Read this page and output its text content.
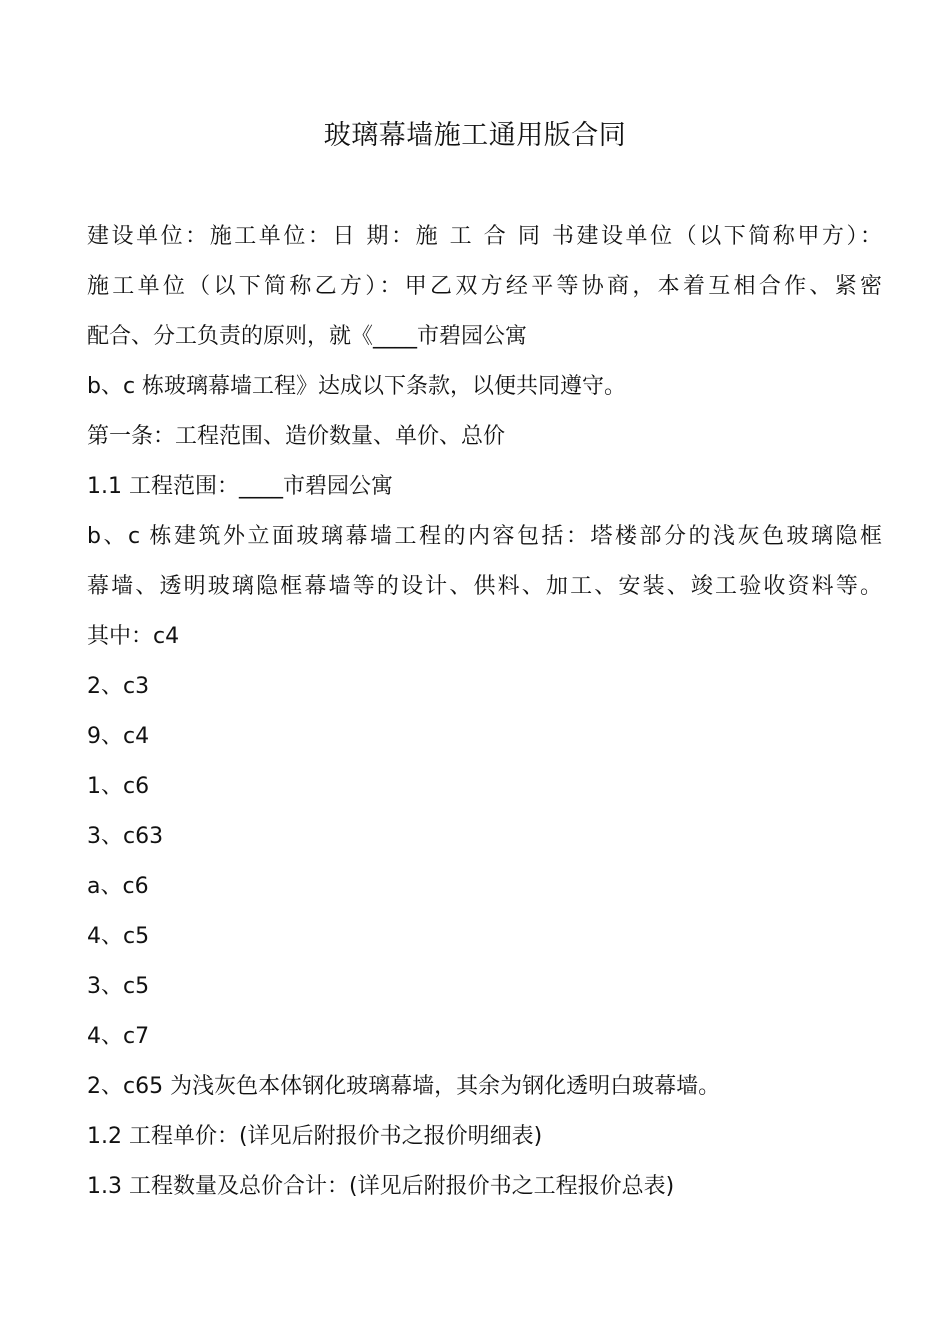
玻璃幕墙施工通用版合同

建设单位：施工单位：日 期：施 工 合 同 书建设单位（以下简称甲方）：

施工单位（以下简称乙方）：甲乙双方经平等协商，本着互相合作、紧密

配合、分工负责的原则，就《____市碧园公寓

b、c 栋玻璃幕墙工程》达成以下条款，以便共同遵守。

第一条：工程范围、造价数量、单价、总价

1.1 工程范围：____市碧园公寓

b、c 栋建筑外立面玻璃幕墙工程的内容包括：塔楼部分的浅灰色玻璃隐框

幕墙、透明玻璃隐框幕墙等的设计、供料、加工、安装、竣工验收资料等。

其中：c4

2、c3

9、c4

1、c6

3、c63

a、c6

4、c5

3、c5

4、c7

2、c65 为浅灰色本体钢化玻璃幕墙，其余为钢化透明白玻幕墙。

1.2 工程单价：(详见后附报价书之报价明细表)

1.3 工程数量及总价合计：(详见后附报价书之工程报价总表)
